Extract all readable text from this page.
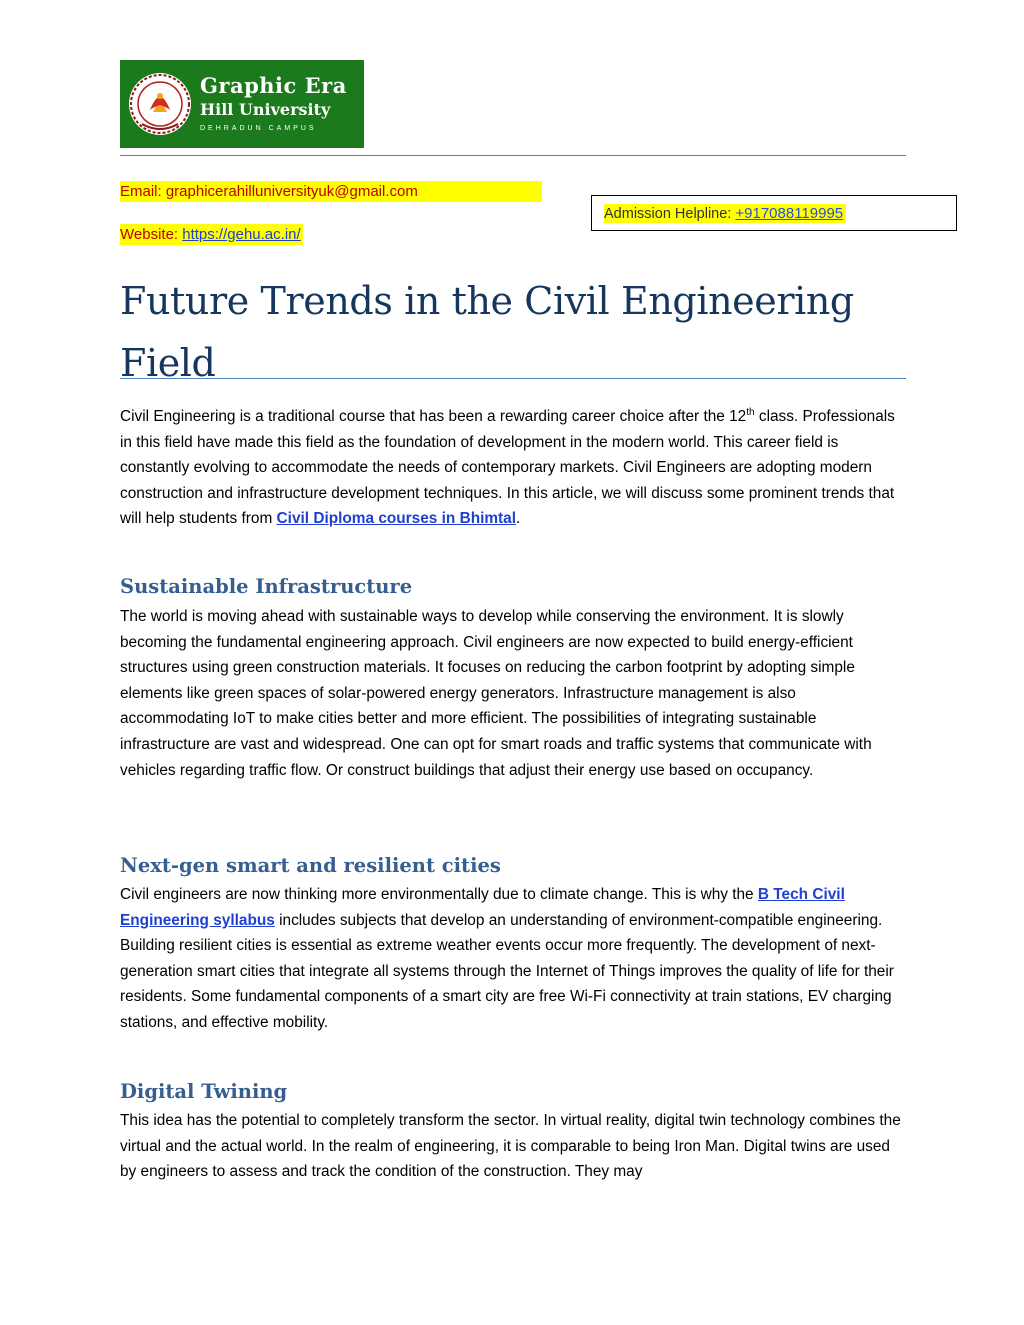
Graphic Era
Hill University
DEHRADUN CAMPUS
Email: graphicerahilluniversityuk@gmail.com
Website: https://gehu.ac.in/
Admission Helpline: +917088119995
Future Trends in the Civil Engineering Field

Civil Engineering is a traditional course that has been a rewarding career choice after the 12th class. Professionals in this field have made this field as the foundation of development in the modern world. This career field is constantly evolving to accommodate the needs of contemporary markets. Civil Engineers are adopting modern construction and infrastructure development techniques. In this article, we will discuss some prominent trends that will help students from Civil Diploma courses in Bhimtal.

Sustainable Infrastructure

The world is moving ahead with sustainable ways to develop while conserving the environment. It is slowly becoming the fundamental engineering approach. Civil engineers are now expected to build energy-efficient structures using green construction materials. It focuses on reducing the carbon footprint by adopting simple elements like green spaces of solar-powered energy generators. Infrastructure management is also accommodating IoT to make cities better and more efficient. The possibilities of integrating sustainable infrastructure are vast and widespread. One can opt for smart roads and traffic systems that communicate with vehicles regarding traffic flow. Or construct buildings that adjust their energy use based on occupancy.

Next-gen smart and resilient cities

Civil engineers are now thinking more environmentally due to climate change. This is why the B Tech Civil Engineering syllabus includes subjects that develop an understanding of environment-compatible engineering. Building resilient cities is essential as extreme weather events occur more frequently. The development of next-generation smart cities that integrate all systems through the Internet of Things improves the quality of life for their residents. Some fundamental components of a smart city are free Wi-Fi connectivity at train stations, EV charging stations, and effective mobility.

Digital Twining

This idea has the potential to completely transform the sector. In virtual reality, digital twin technology combines the virtual and the actual world. In the realm of engineering, it is comparable to being Iron Man. Digital twins are used by engineers to assess and track the condition of the construction. They may
